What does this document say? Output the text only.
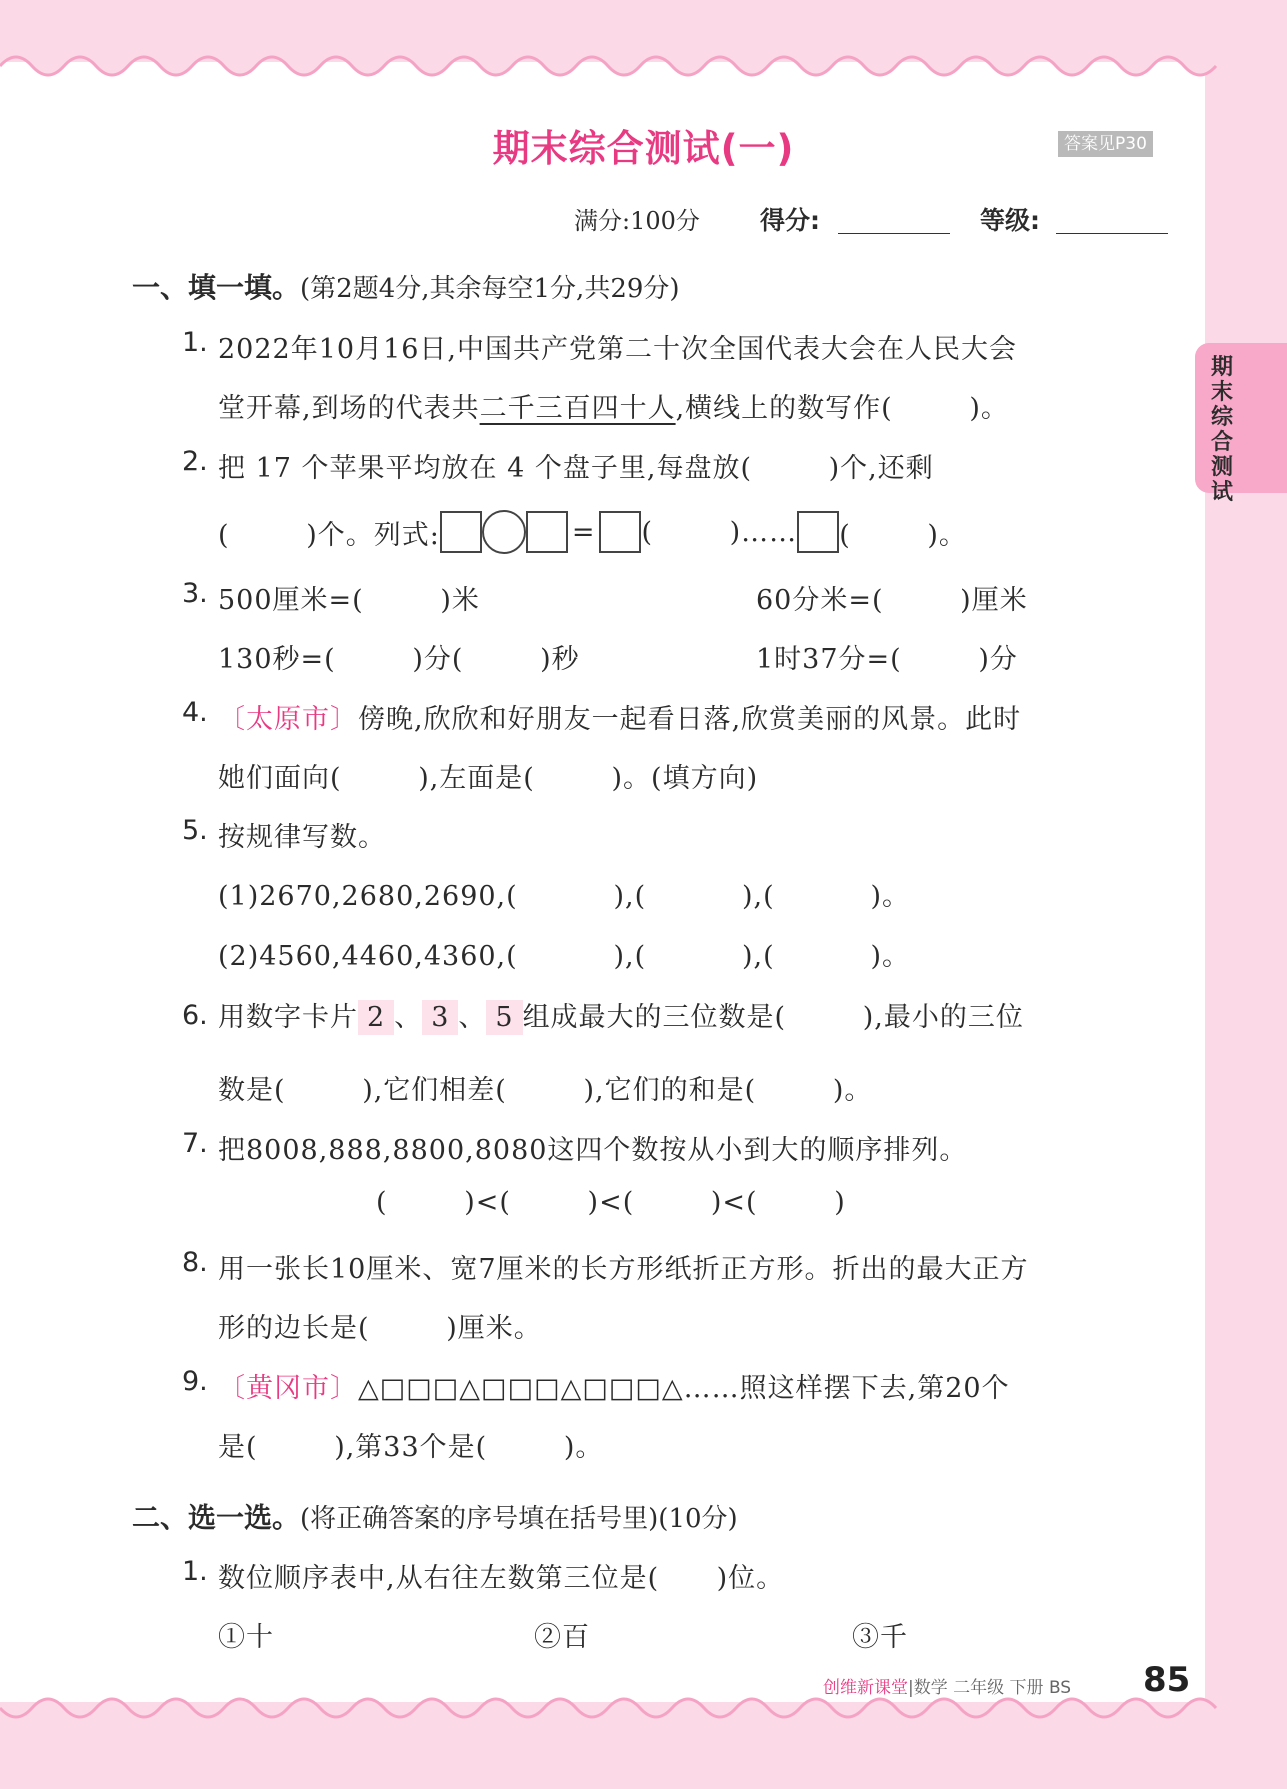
期末综合测试(一)	答案见P30
满分:100分 得分:	等级:
期末综合测试
一、填一填。(第2题4分,其余每空1分,共29分)
1. 2022年10月16日,中国共产党第二十次全国代表大会在人民大会
堂开幕,到场的代表共二千三百四十人,横线上的数写作(        )。
2. 把 17 个苹果平均放在 4 个盘子里,每盘放(        )个,还剩
(        )个。列式:	= (        )…… (        )。
3. 500厘米=(        )米	60分米=(        )厘米
130秒=(        )分(        )秒	1时37分=(        )分
4. 〔太原市〕傍晚,欣欣和好朋友一起看日落,欣赏美丽的风景。此时
她们面向(        ),左面是(        )。(填方向)
5. 按规律写数。
(1)2670,2680,2690,(          ),(          ),(          )。
(2)4560,4460,4360,(          ),(          ),(          )。
6. 用数字卡片 2 、 3 、 5 组成最大的三位数是(        ),最小的三位
数是(        ),它们相差(        ),它们的和是(        )。
7. 把8008,888,8800,8080这四个数按从小到大的顺序排列。
(        )<(        )<(        )<(        )
8. 用一张长10厘米、宽7厘米的长方形纸折正方形。折出的最大正方
形的边长是(        )厘米。
9. 〔黄冈市〕△□□□△□□□△□□□△……照这样摆下去,第20个
是(        ),第33个是(        )。
二、选一选。(将正确答案的序号填在括号里)(10分)
1. 数位顺序表中,从右往左数第三位是(      )位。
①十	②百	③千
创维新课堂|数学 二年级 下册 BS 85
